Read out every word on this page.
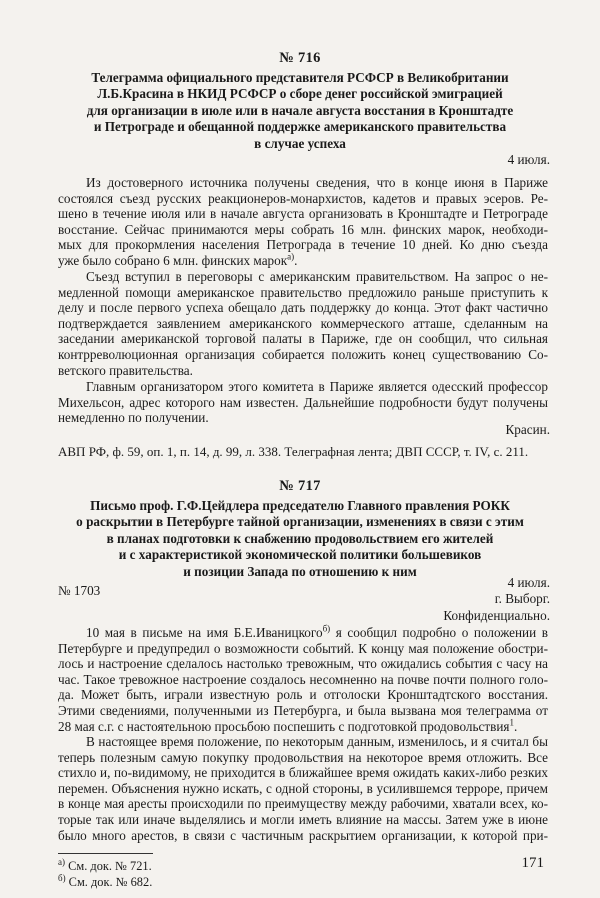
№ 716
Телеграмма официального представителя РСФСР в Великобритании
Л.Б.Красина в НКИД РСФСР о сборе денег российской эмиграцией
для организации в июле или в начале августа восстания в Кронштадте
и Петрограде и обещанной поддержке американского правительства
в случае успеха
4 июля.
Из достоверного источника получены сведения, что в конце июня в Париже
состоялся съезд русских реакционеров-монархистов, кадетов и правых эсеров. Ре-
шено в течение июля или в начале августа организовать в Кронштадте и Петрограде
восстание. Сейчас принимаются меры собрать 16 млн. финских марок, необходи-
мых для прокормления населения Петрограда в течение 10 дней. Ко дню съезда
уже было собрано 6 млн. финских марок$^{а)}$.
Съезд вступил в переговоры с американским правительством. На запрос о не-
медленной помощи американское правительство предложило раньше приступить к
делу и после первого успеха обещало дать поддержку до конца. Этот факт частично
подтверждается заявлением американского коммерческого атташе, сделанным на
заседании американской торговой палаты в Париже, где он сообщил, что сильная
контрреволюционная организация собирается положить конец существованию Со-
ветского правительства.
Главным организатором этого комитета в Париже является одесский профессор
Михельсон, адрес которого нам известен. Дальнейшие подробности будут получены
немедленно по получении.
Красин.
АВП РФ, ф. 59, оп. 1, п. 14, д. 99, л. 338. Телеграфная лента; ДВП СССР, т. IV, с. 211.
№ 717
Письмо проф. Г.Ф.Цейдлера председателю Главного правления РОКК
о раскрытии в Петербурге тайной организации, изменениях в связи с этим
в планах подготовки к снабжению продовольствием его жителей
и с характеристикой экономической политики большевиков
и позиции Запада по отношению к ним
№ 1703
4 июля.
г. Выборг.
Конфиденциально.
10 мая в письме на имя Б.Е.Иваницкого$^{б)}$ я сообщил подробно о положении в
Петербурге и предупредил о возможности событий. К концу мая положение обостри-
лось и настроение сделалось настолько тревожным, что ожидались события с часу на
час. Такое тревожное настроение создалось несомненно на почве почти полного голо-
да. Может быть, играли известную роль и отголоски Кронштадтского восстания.
Этими сведениями, полученными из Петербурга, и была вызвана моя телеграмма от
28 мая с.г. с настоятельною просьбою поспешить с подготовкой продовольствия$^1$.
В настоящее время положение, по некоторым данным, изменилось, и я считал бы
теперь полезным самую покупку продовольствия на некоторое время отложить. Все
стихло и, по-видимому, не приходится в ближайшее время ожидать каких-либо резких
перемен. Объяснения нужно искать, с одной стороны, в усилившемся терроре, причем
в конце мая аресты происходили по преимуществу между рабочими, хватали всех, ко-
торые так или иначе выделялись и могли иметь влияние на массы. Затем уже в июне
было много арестов, в связи с частичным раскрытием организации, к которой при-
$^{а)}$ См. док. № 721.
$^{б)}$ См. док. № 682.
171
